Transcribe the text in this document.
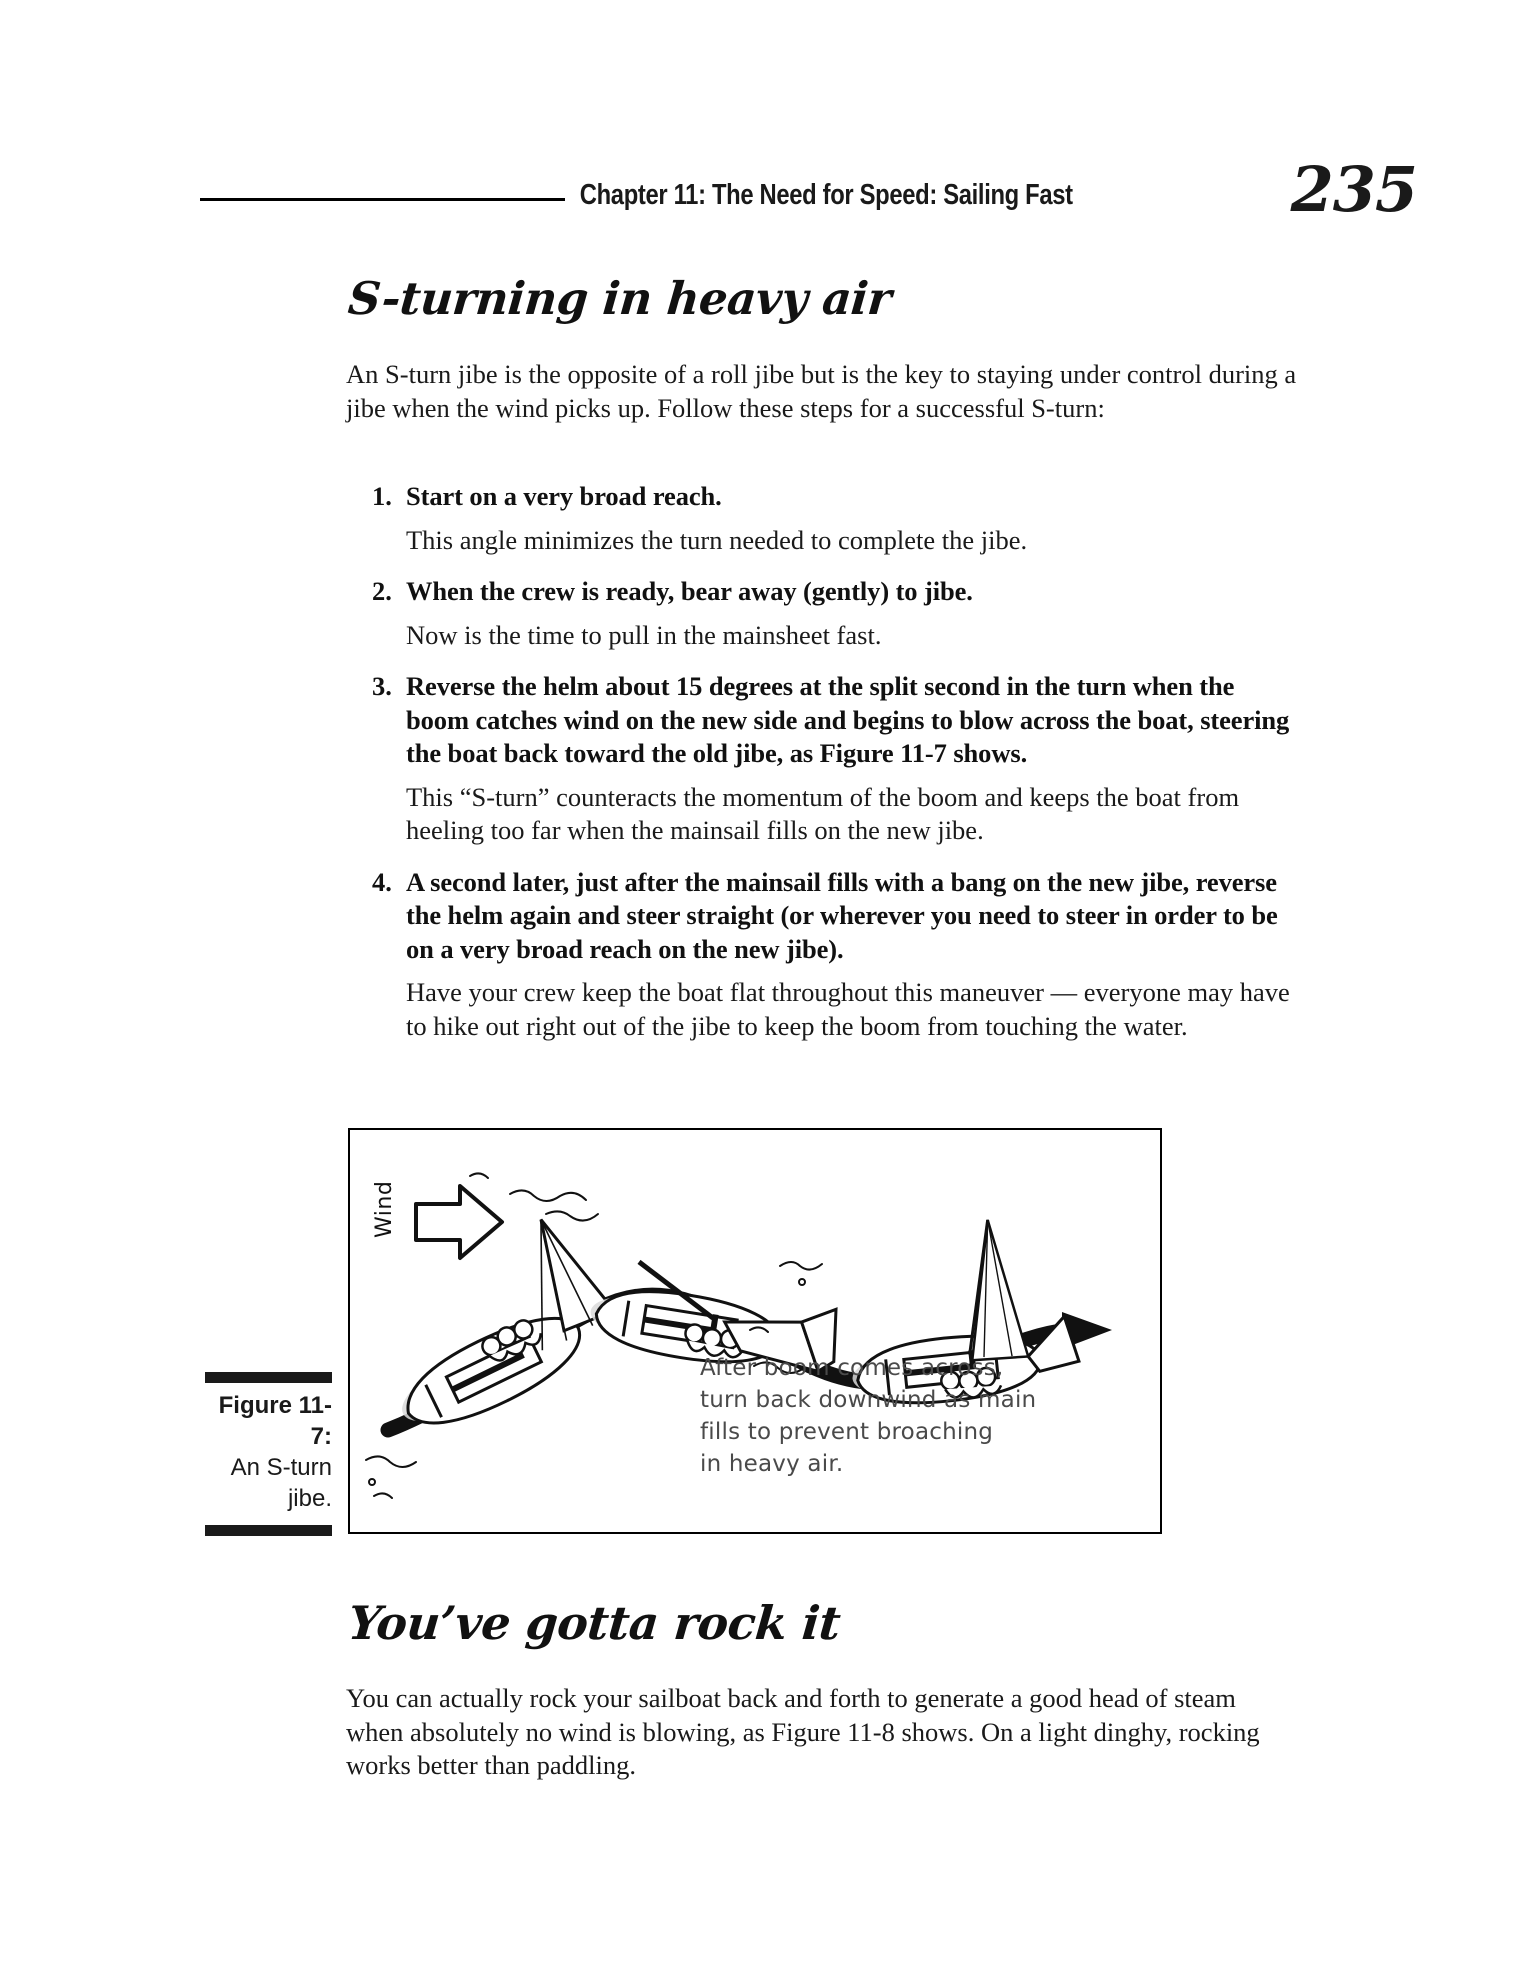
Chapter 11: The Need for Speed: Sailing Fast	235
S-turning in heavy air
An S-turn jibe is the opposite of a roll jibe but is the key to staying under control during a jibe when the wind picks up. Follow these steps for a successful S-turn:
1. Start on a very broad reach.
This angle minimizes the turn needed to complete the jibe.
2. When the crew is ready, bear away (gently) to jibe.
Now is the time to pull in the mainsheet fast.
3. Reverse the helm about 15 degrees at the split second in the turn when the boom catches wind on the new side and begins to blow across the boat, steering the boat back toward the old jibe, as Figure 11-7 shows.
This “S-turn” counteracts the momentum of the boom and keeps the boat from heeling too far when the mainsail fills on the new jibe.
4. A second later, just after the mainsail fills with a bang on the new jibe, reverse the helm again and steer straight (or wherever you need to steer in order to be on a very broad reach on the new jibe).
Have your crew keep the boat flat throughout this maneuver — everyone may have to hike out right out of the jibe to keep the boom from touching the water.
Wind
After boom comes across,
turn back downwind as main
fills to prevent broaching
in heavy air.
Figure 11-7:
An S-turn jibe.
You’ve gotta rock it
You can actually rock your sailboat back and forth to generate a good head of steam when absolutely no wind is blowing, as Figure 11-8 shows. On a light dinghy, rocking works better than paddling.
